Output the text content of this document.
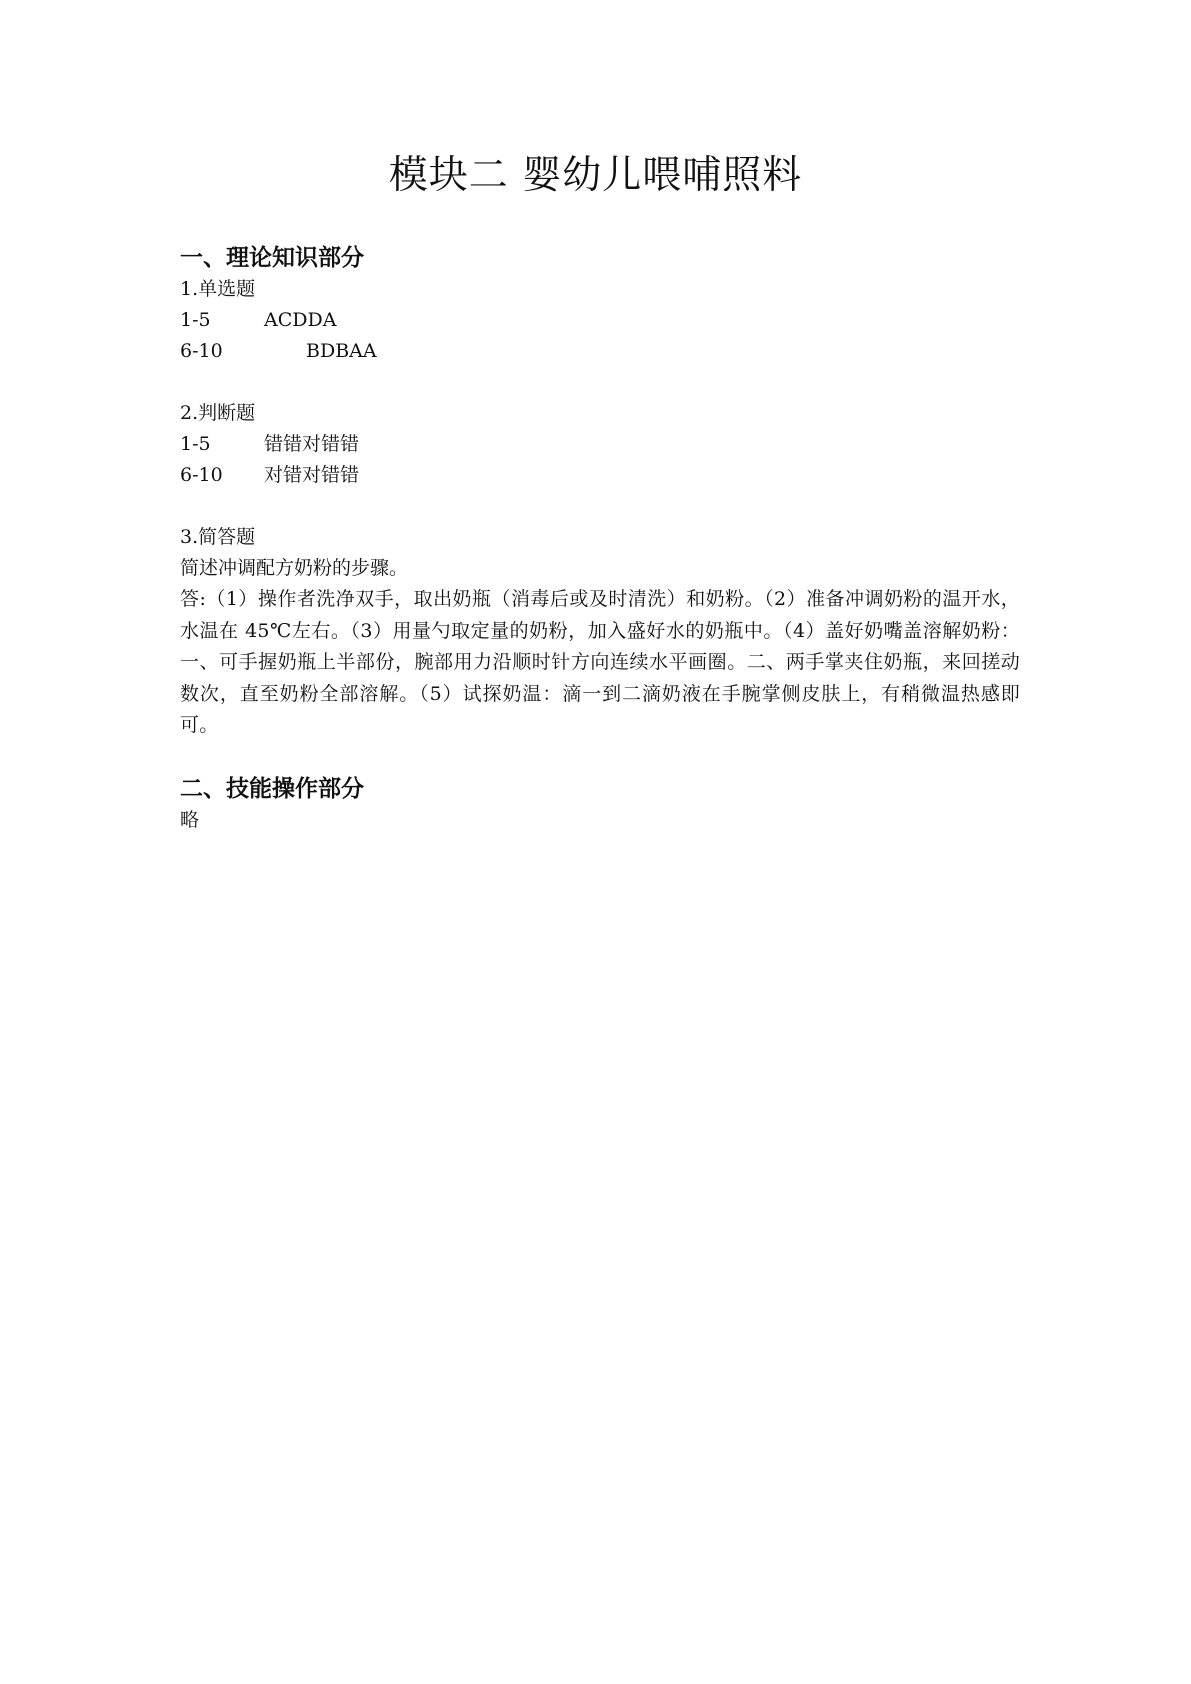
模块二 婴幼儿喂哺照料
一、理论知识部分

1.单选题

1-5	ACDDA
6-10	BDBAA

2.判断题

1-5	错错对错错
6-10	对错对错错

3.简答题

简述冲调配方奶粉的步骤。

答:（1）操作者洗净双手，取出奶瓶（消毒后或及时清洗）和奶粉。（2）准备冲调奶粉的温开水，水温在 45℃左右。（3）用量勺取定量的奶粉，加入盛好水的奶瓶中。（4）盖好奶嘴盖溶解奶粉：一、可手握奶瓶上半部份，腕部用力沿顺时针方向连续水平画圈。二、两手掌夹住奶瓶，来回搓动数次，直至奶粉全部溶解。（5）试探奶温：滴一到二滴奶液在手腕掌侧皮肤上，有稍微温热感即可。

二、技能操作部分

略
